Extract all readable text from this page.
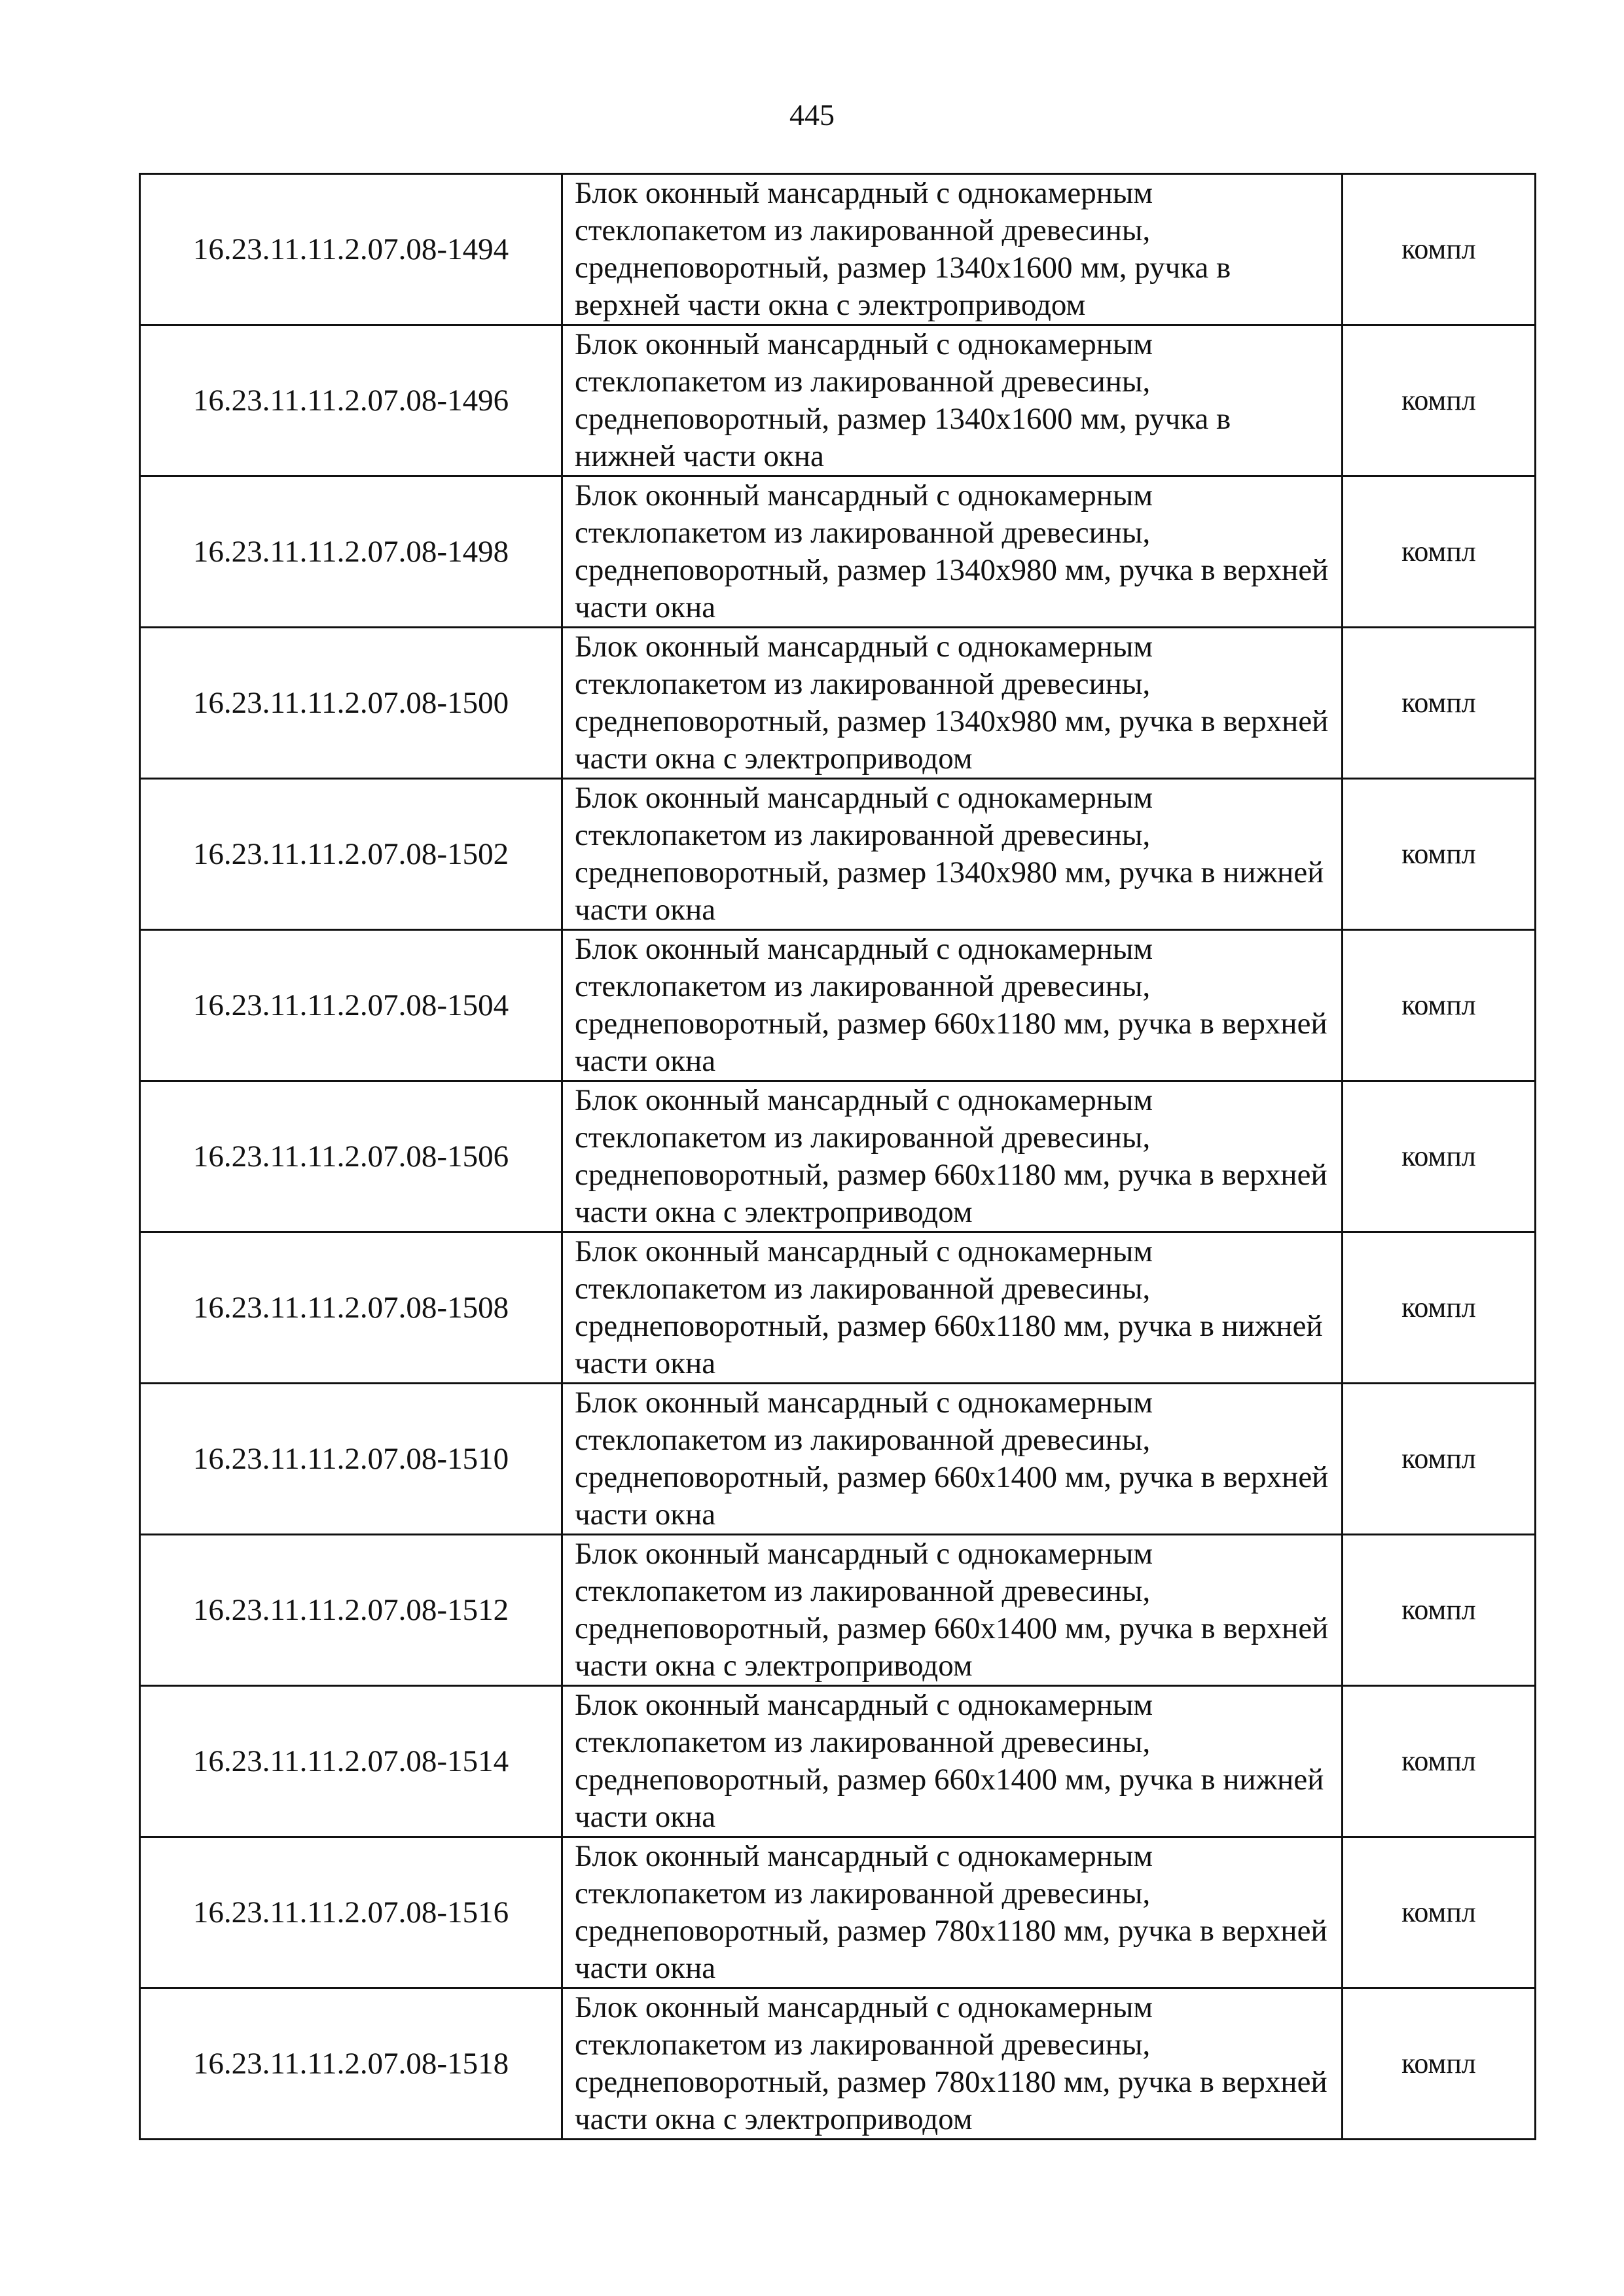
445
16.23.11.11.2.07.08-1494	Блок оконный мансардный с однокамерным стеклопакетом из лакированной древесины, среднеповоротный, размер 1340х1600 мм, ручка в верхней части окна с электроприводом	компл
16.23.11.11.2.07.08-1496	Блок оконный мансардный с однокамерным стеклопакетом из лакированной древесины, среднеповоротный, размер 1340х1600 мм, ручка в нижней части окна	компл
16.23.11.11.2.07.08-1498	Блок оконный мансардный с однокамерным стеклопакетом из лакированной древесины, среднеповоротный, размер 1340х980 мм, ручка в верхней части окна	компл
16.23.11.11.2.07.08-1500	Блок оконный мансардный с однокамерным стеклопакетом из лакированной древесины, среднеповоротный, размер 1340х980 мм, ручка в верхней части окна с электроприводом	компл
16.23.11.11.2.07.08-1502	Блок оконный мансардный с однокамерным стеклопакетом из лакированной древесины, среднеповоротный, размер 1340х980 мм, ручка в нижней части окна	компл
16.23.11.11.2.07.08-1504	Блок оконный мансардный с однокамерным стеклопакетом из лакированной древесины, среднеповоротный, размер 660х1180 мм, ручка в верхней части окна	компл
16.23.11.11.2.07.08-1506	Блок оконный мансардный с однокамерным стеклопакетом из лакированной древесины, среднеповоротный, размер 660х1180 мм, ручка в верхней части окна с электроприводом	компл
16.23.11.11.2.07.08-1508	Блок оконный мансардный с однокамерным стеклопакетом из лакированной древесины, среднеповоротный, размер 660х1180 мм, ручка в нижней части окна	компл
16.23.11.11.2.07.08-1510	Блок оконный мансардный с однокамерным стеклопакетом из лакированной древесины, среднеповоротный, размер 660х1400 мм, ручка в верхней части окна	компл
16.23.11.11.2.07.08-1512	Блок оконный мансардный с однокамерным стеклопакетом из лакированной древесины, среднеповоротный, размер 660х1400 мм, ручка в верхней части окна с электроприводом	компл
16.23.11.11.2.07.08-1514	Блок оконный мансардный с однокамерным стеклопакетом из лакированной древесины, среднеповоротный, размер 660х1400 мм, ручка в нижней части окна	компл
16.23.11.11.2.07.08-1516	Блок оконный мансардный с однокамерным стеклопакетом из лакированной древесины, среднеповоротный, размер 780х1180 мм, ручка в верхней части окна	компл
16.23.11.11.2.07.08-1518	Блок оконный мансардный с однокамерным стеклопакетом из лакированной древесины, среднеповоротный, размер 780х1180 мм, ручка в верхней части окна с электроприводом	компл
